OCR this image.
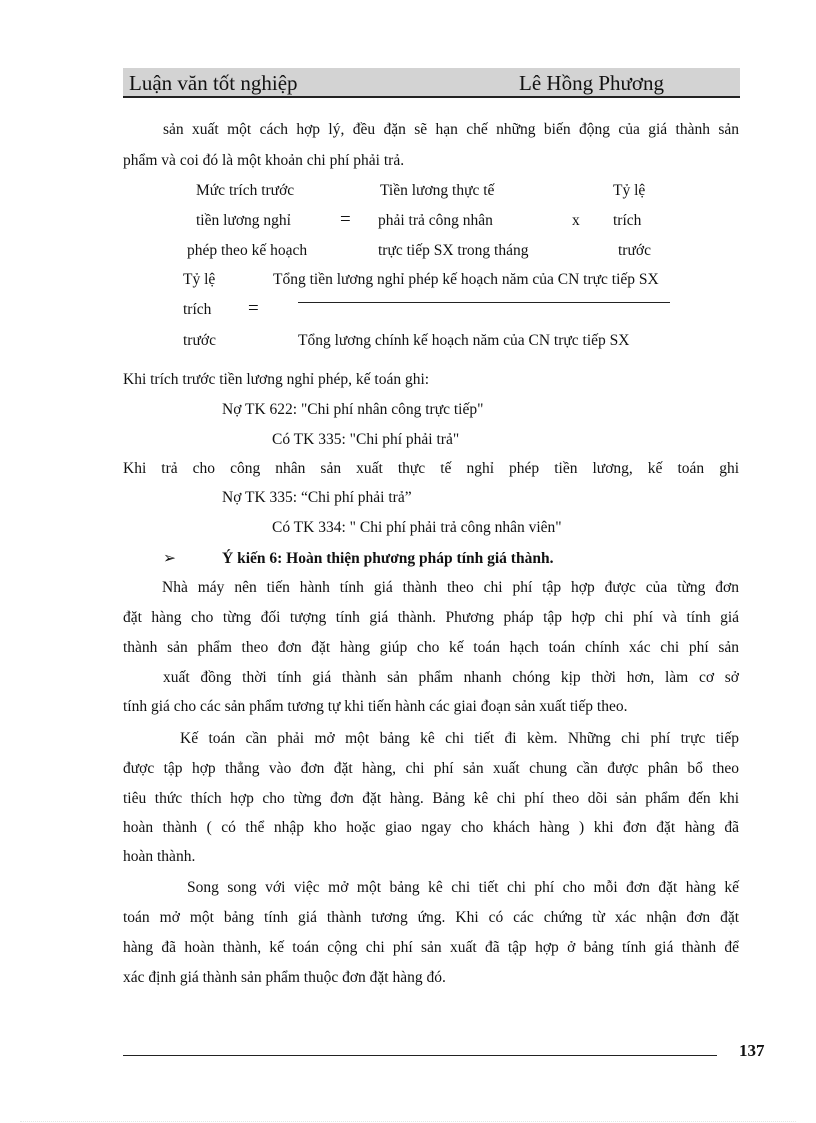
Luận văn tốt nghiệp	Lê Hồng Phương
sản xuất một cách hợp lý, đều đặn sẽ hạn chế những biến động của giá thành sản
phẩm và coi đó là một khoản chi phí phải trả.
Mức trích trước
tiền lương nghỉ
phép theo kế hoạch
=
Tiền lương thực tế
phải trả công nhân
trực tiếp SX trong tháng
x
Tỷ lệ
trích
trước
Tỷ lệ
trích
trước
=
Tổng tiền lương nghỉ phép kế hoạch năm của CN trực tiếp SX
Tổng lương chính kế hoạch năm của CN trực tiếp SX
Khi trích trước tiền lương nghỉ phép, kế toán ghi:
Nợ TK 622: "Chi phí nhân công trực tiếp"
Có TK 335: "Chi phí phải trả"
Khi trả cho công nhân sản xuất thực tế nghỉ phép tiền lương, kế toán ghi
Nợ TK 335: “Chi phí phải trả”
Có TK 334: " Chi phí phải trả công nhân viên"
➢	Ý kiến 6: Hoàn thiện phương pháp tính giá thành.
Nhà máy nên tiến hành tính giá thành theo chi phí tập hợp được của từng đơn
đặt hàng cho từng đối tượng tính giá thành. Phương pháp tập hợp chi phí và tính giá
thành sản phẩm theo đơn đặt hàng giúp cho kế toán hạch toán chính xác chi phí sản
xuất đồng thời tính giá thành sản phẩm nhanh chóng kịp thời hơn, làm cơ sở
tính giá cho các sản phẩm tương tự khi tiến hành các giai đoạn sản xuất tiếp theo.
Kế toán cần phải mở một bảng kê chi tiết đi kèm. Những chi phí trực tiếp
được tập hợp thẳng vào đơn đặt hàng, chi phí sản xuất chung cần được phân bổ theo
tiêu thức thích hợp cho từng đơn đặt hàng. Bảng kê chi phí theo dõi sản phẩm đến khi
hoàn thành ( có thể nhập kho hoặc giao ngay cho khách hàng ) khi đơn đặt hàng đã
hoàn thành.
Song song với việc mở một bảng kê chi tiết chi phí cho mỗi đơn đặt hàng kế
toán mở một bảng tính giá thành tương ứng. Khi có các chứng từ xác nhận đơn đặt
hàng đã hoàn thành, kế toán cộng chi phí sản xuất đã tập hợp ở bảng tính giá thành để
xác định giá thành sản phẩm thuộc đơn đặt hàng đó.
137
